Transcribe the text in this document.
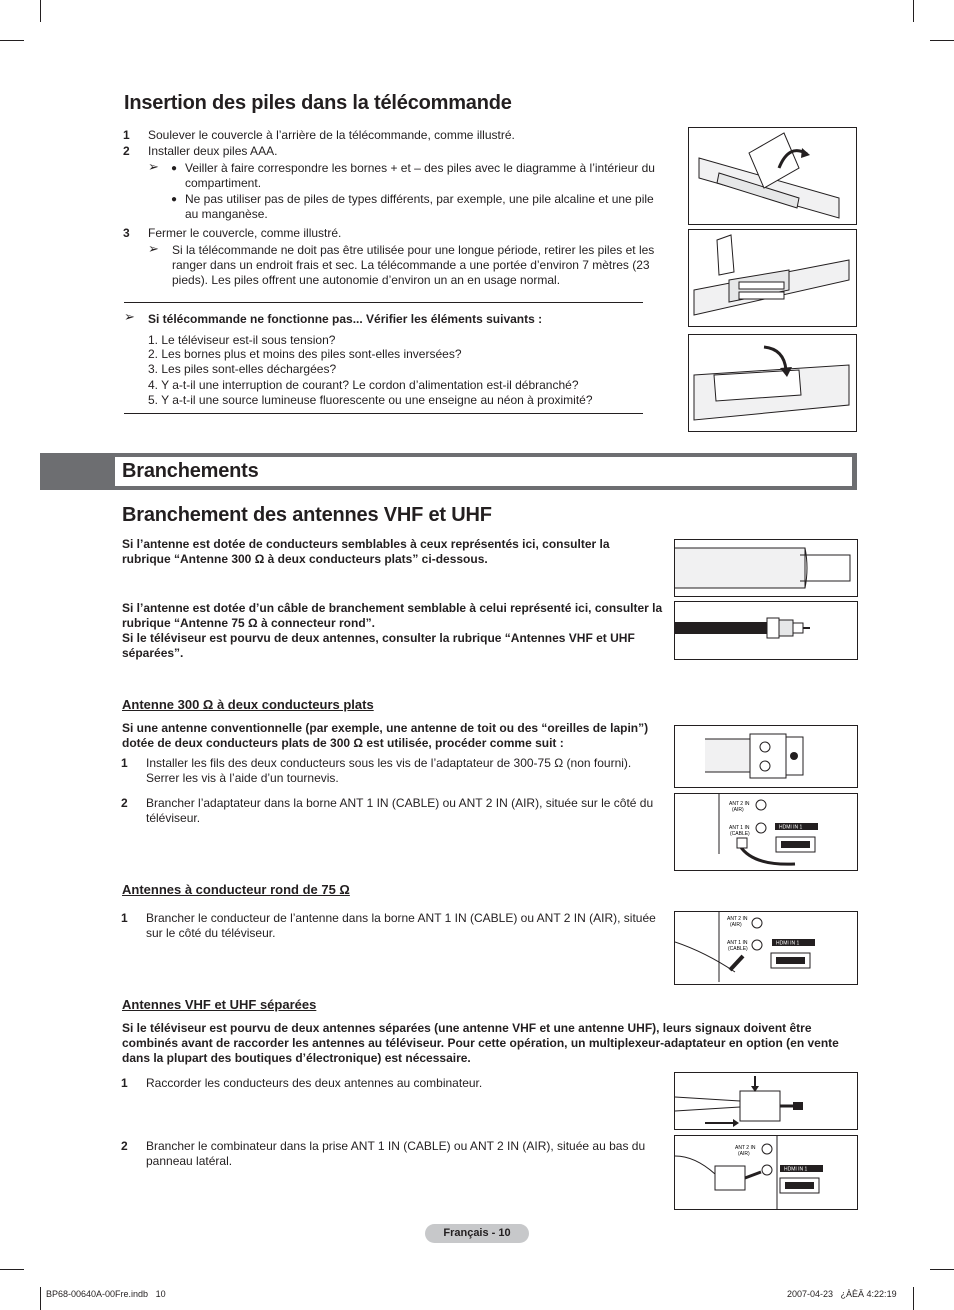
Insertion des piles dans la télécommande
1 Soulever le couvercle à l’arrière de la télécommande, comme illustré.
2 Installer deux piles AAA.
➢ ● Veiller à faire correspondre les bornes + et – des piles avec le diagramme à l’intérieur du compartiment.
● Ne pas utiliser pas de piles de types différents, par exemple, une pile alcaline et une pile au manganèse.
3 Fermer le couvercle, comme illustré.
➢ Si la télécommande ne doit pas être utilisée pour une longue période, retirer les piles et les ranger dans un endroit frais et sec. La télécommande a une portée d’environ 7 mètres (23 pieds). Les piles offrent une autonomie d’environ un an en usage normal.
➢ Si télécommande ne fonctionne pas... Vérifier les éléments suivants :
1. Le téléviseur est-il sous tension?
2. Les bornes plus et moins des piles sont-elles inversées?
3. Les piles sont-elles déchargées?
4. Y a-t-il une interruption de courant? Le cordon d’alimentation est-il débranché?
5. Y a-t-il une source lumineuse fluorescente ou une enseigne au néon à proximité?
Branchements
Branchement des antennes VHF et UHF
Si l’antenne est dotée de conducteurs semblables à ceux représentés ici, consulter la rubrique “Antenne 300 Ω à deux conducteurs plats” ci-dessous.
Si l’antenne est dotée d’un câble de branchement semblable à celui représenté ici, consulter la rubrique “Antenne 75 Ω à connecteur rond”.
Si le téléviseur est pourvu de deux antennes, consulter la rubrique “Antennes VHF et UHF séparées”.
Antenne 300 Ω à deux conducteurs plats
Si une antenne conventionnelle (par exemple, une antenne de toit ou des “oreilles de lapin”) dotée de deux conducteurs plats de 300 Ω est utilisée, procéder comme suit :
1 Installer les fils des deux conducteurs sous les vis de l’adaptateur de 300-75 Ω (non fourni). Serrer les vis à l’aide d’un tournevis.
2 Brancher l’adaptateur dans la borne ANT 1 IN (CABLE) ou ANT 2 IN (AIR), située sur le côté du téléviseur.
ANT 2 IN
(AIR)
ANT 1 IN
(CABLE)
HDMI IN 1
Antennes à conducteur rond de 75 Ω
1 Brancher le conducteur de l’antenne dans la borne ANT 1 IN (CABLE) ou ANT 2 IN (AIR), située sur le côté du téléviseur.
ANT 2 IN
(AIR)
ANT 1 IN
(CABLE)
HDMI IN 1
Antennes VHF et UHF séparées
Si le téléviseur est pourvu de deux antennes séparées (une antenne VHF et une antenne UHF), leurs signaux doivent être combinés avant de raccorder les antennes au téléviseur. Pour cette opération, un multiplexeur-adaptateur en option (en vente dans la plupart des boutiques d’électronique) est nécessaire.
1 Raccorder les conducteurs des deux antennes au combinateur.
2 Brancher le combinateur dans la prise ANT 1 IN (CABLE) ou ANT 2 IN (AIR), située au bas du panneau latéral.
ANT 2 IN
(AIR)
HDMI IN 1
Français - 10
BP68-00640A-00Fre.indb   10	2007-04-23   ¿ÀÈÄ 4:22:19
